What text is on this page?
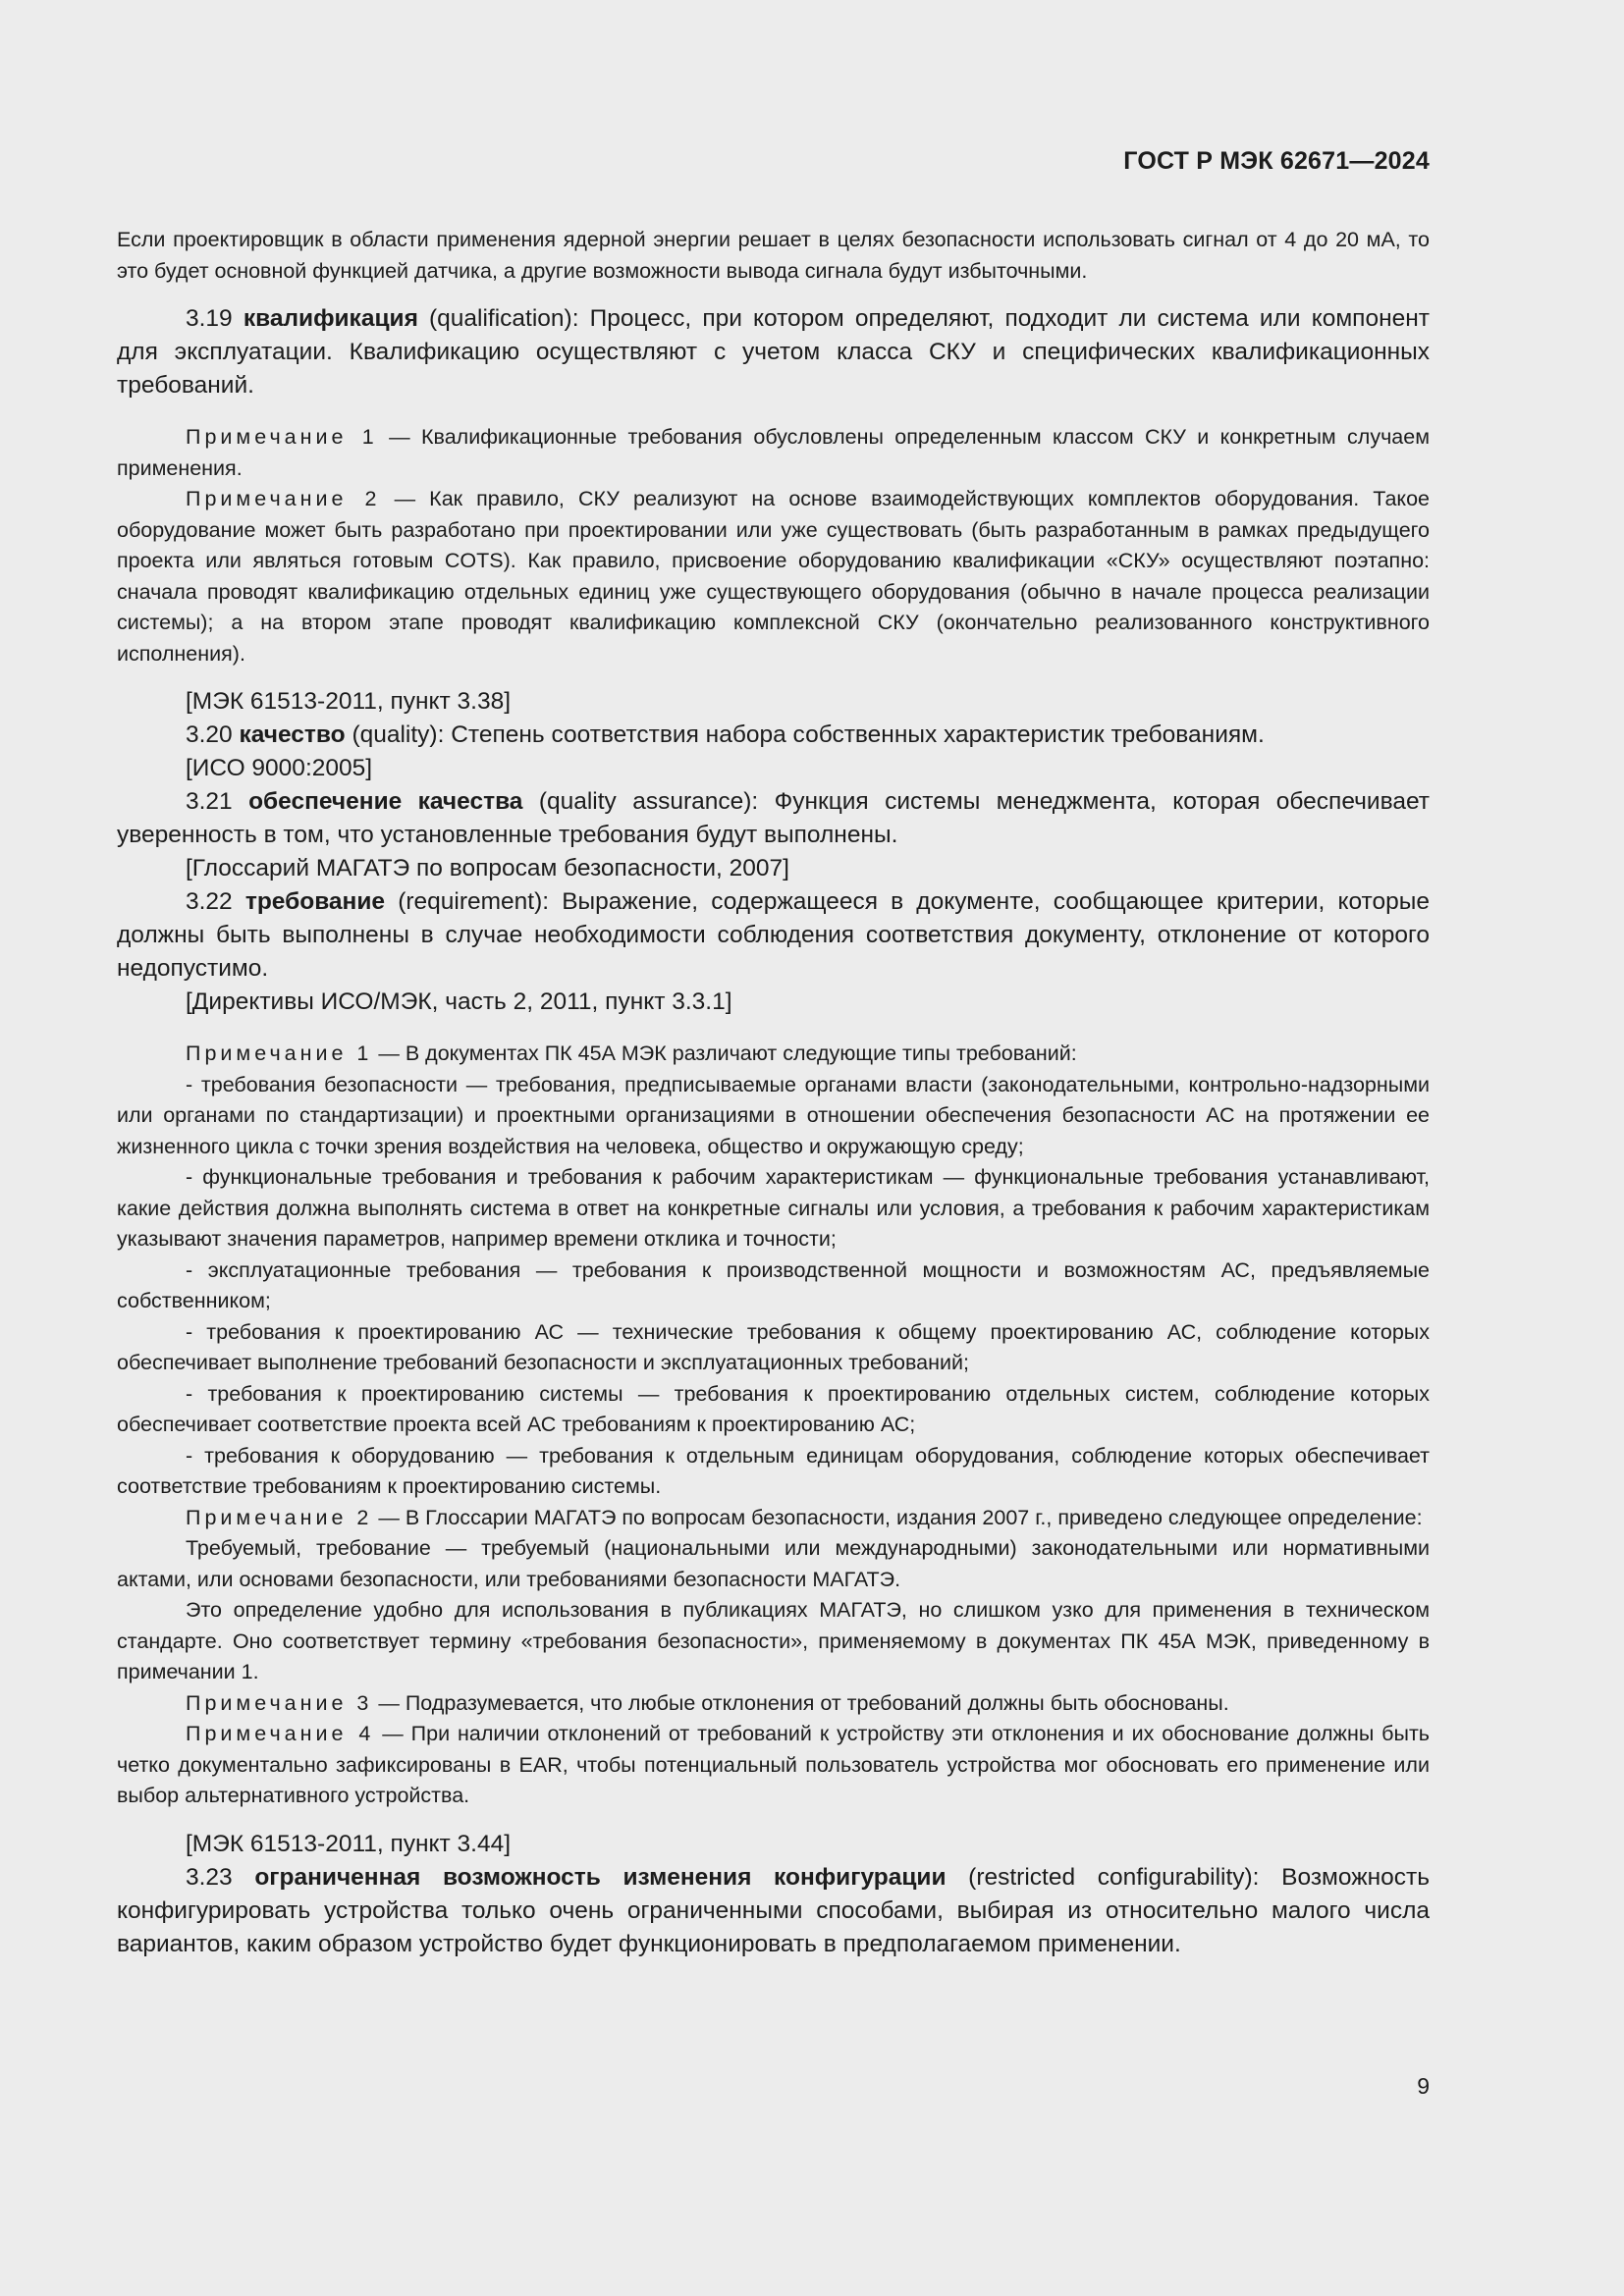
ГОСТ Р МЭК 62671—2024

Если проектировщик в области применения ядерной энергии решает в целях безопасности использовать сигнал от 4 до 20 мА, то это будет основной функцией датчика, а другие возможности вывода сигнала будут избыточными.

3.19 квалификация (qualification): Процесс, при котором определяют, подходит ли система или компонент для эксплуатации. Квалификацию осуществляют с учетом класса СКУ и специфических квалификационных требований.

Примечание 1 — Квалификационные требования обусловлены определенным классом СКУ и конкретным случаем применения.

Примечание 2 — Как правило, СКУ реализуют на основе взаимодействующих комплектов оборудования. Такое оборудование может быть разработано при проектировании или уже существовать (быть разработанным в рамках предыдущего проекта или являться готовым COTS). Как правило, присвоение оборудованию квалификации «СКУ» осуществляют поэтапно: сначала проводят квалификацию отдельных единиц уже существующего оборудования (обычно в начале процесса реализации системы); а на втором этапе проводят квалификацию комплексной СКУ (окончательно реализованного конструктивного исполнения).

[МЭК 61513-2011, пункт 3.38]

3.20 качество (quality): Степень соответствия набора собственных характеристик требованиям.

[ИСО 9000:2005]

3.21 обеспечение качества (quality assurance): Функция системы менеджмента, которая обеспечивает уверенность в том, что установленные требования будут выполнены.

[Глоссарий МАГАТЭ по вопросам безопасности, 2007]

3.22 требование (requirement): Выражение, содержащееся в документе, сообщающее критерии, которые должны быть выполнены в случае необходимости соблюдения соответствия документу, отклонение от которого недопустимо.

[Директивы ИСО/МЭК, часть 2, 2011, пункт 3.3.1]

Примечание 1 — В документах ПК 45А МЭК различают следующие типы требований:

- требования безопасности — требования, предписываемые органами власти (законодательными, контрольно-надзорными или органами по стандартизации) и проектными организациями в отношении обеспечения безопасности АС на протяжении ее жизненного цикла с точки зрения воздействия на человека, общество и окружающую среду;

- функциональные требования и требования к рабочим характеристикам — функциональные требования устанавливают, какие действия должна выполнять система в ответ на конкретные сигналы или условия, а требования к рабочим характеристикам указывают значения параметров, например времени отклика и точности;

- эксплуатационные требования — требования к производственной мощности и возможностям АС, предъявляемые собственником;

- требования к проектированию АС — технические требования к общему проектированию АС, соблюдение которых обеспечивает выполнение требований безопасности и эксплуатационных требований;

- требования к проектированию системы — требования к проектированию отдельных систем, соблюдение которых обеспечивает соответствие проекта всей АС требованиям к проектированию АС;

- требования к оборудованию — требования к отдельным единицам оборудования, соблюдение которых обеспечивает соответствие требованиям к проектированию системы.

Примечание 2 — В Глоссарии МАГАТЭ по вопросам безопасности, издания 2007 г., приведено следующее определение:

Требуемый, требование — требуемый (национальными или международными) законодательными или нормативными актами, или основами безопасности, или требованиями безопасности МАГАТЭ.

Это определение удобно для использования в публикациях МАГАТЭ, но слишком узко для применения в техническом стандарте. Оно соответствует термину «требования безопасности», применяемому в документах ПК 45А МЭК, приведенному в примечании 1.

Примечание 3 — Подразумевается, что любые отклонения от требований должны быть обоснованы.

Примечание 4 — При наличии отклонений от требований к устройству эти отклонения и их обоснование должны быть четко документально зафиксированы в EAR, чтобы потенциальный пользователь устройства мог обосновать его применение или выбор альтернативного устройства.

[МЭК 61513-2011, пункт 3.44]

3.23 ограниченная возможность изменения конфигурации (restricted configurability): Возможность конфигурировать устройства только очень ограниченными способами, выбирая из относительно малого числа вариантов, каким образом устройство будет функционировать в предполагаемом применении.

9
